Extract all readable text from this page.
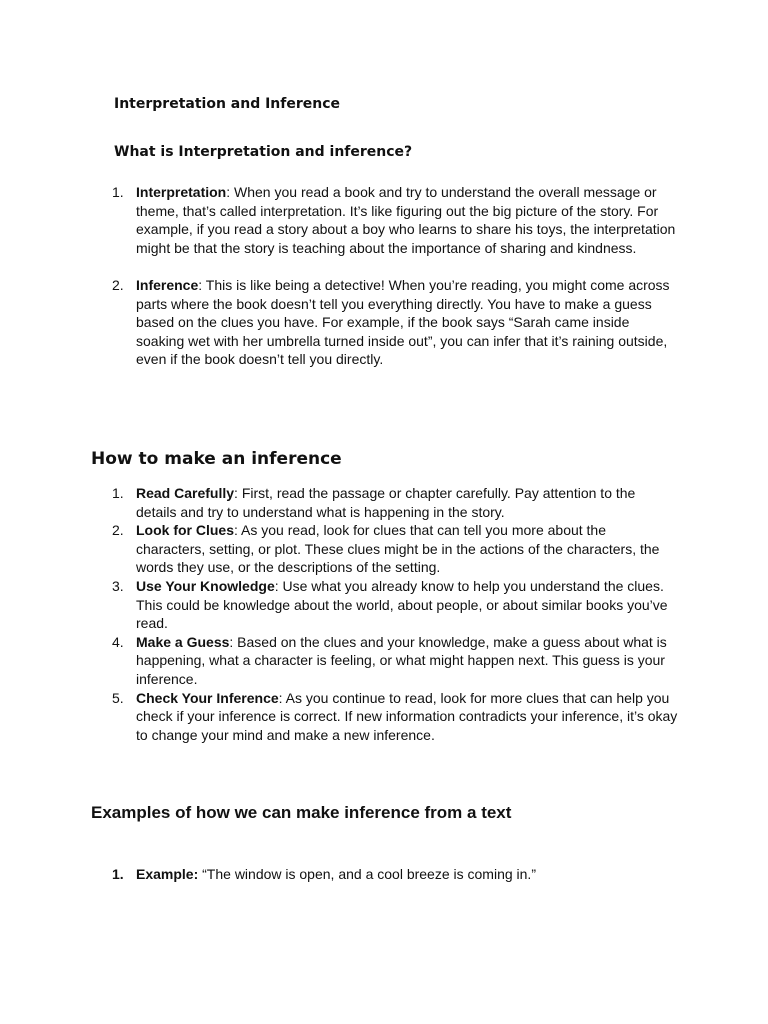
Interpretation and Inference
What is Interpretation and inference?
1. Interpretation: When you read a book and try to understand the overall message or theme, that’s called interpretation. It’s like figuring out the big picture of the story. For example, if you read a story about a boy who learns to share his toys, the interpretation might be that the story is teaching about the importance of sharing and kindness.
2. Inference: This is like being a detective! When you’re reading, you might come across parts where the book doesn’t tell you everything directly. You have to make a guess based on the clues you have. For example, if the book says “Sarah came inside soaking wet with her umbrella turned inside out”, you can infer that it’s raining outside, even if the book doesn’t tell you directly.
How to make an inference
1. Read Carefully: First, read the passage or chapter carefully. Pay attention to the details and try to understand what is happening in the story.
2. Look for Clues: As you read, look for clues that can tell you more about the characters, setting, or plot. These clues might be in the actions of the characters, the words they use, or the descriptions of the setting.
3. Use Your Knowledge: Use what you already know to help you understand the clues. This could be knowledge about the world, about people, or about similar books you’ve read.
4. Make a Guess: Based on the clues and your knowledge, make a guess about what is happening, what a character is feeling, or what might happen next. This guess is your inference.
5. Check Your Inference: As you continue to read, look for more clues that can help you check if your inference is correct. If new information contradicts your inference, it’s okay to change your mind and make a new inference.
Examples of how we can make inference from a text
1. Example: “The window is open, and a cool breeze is coming in.”
